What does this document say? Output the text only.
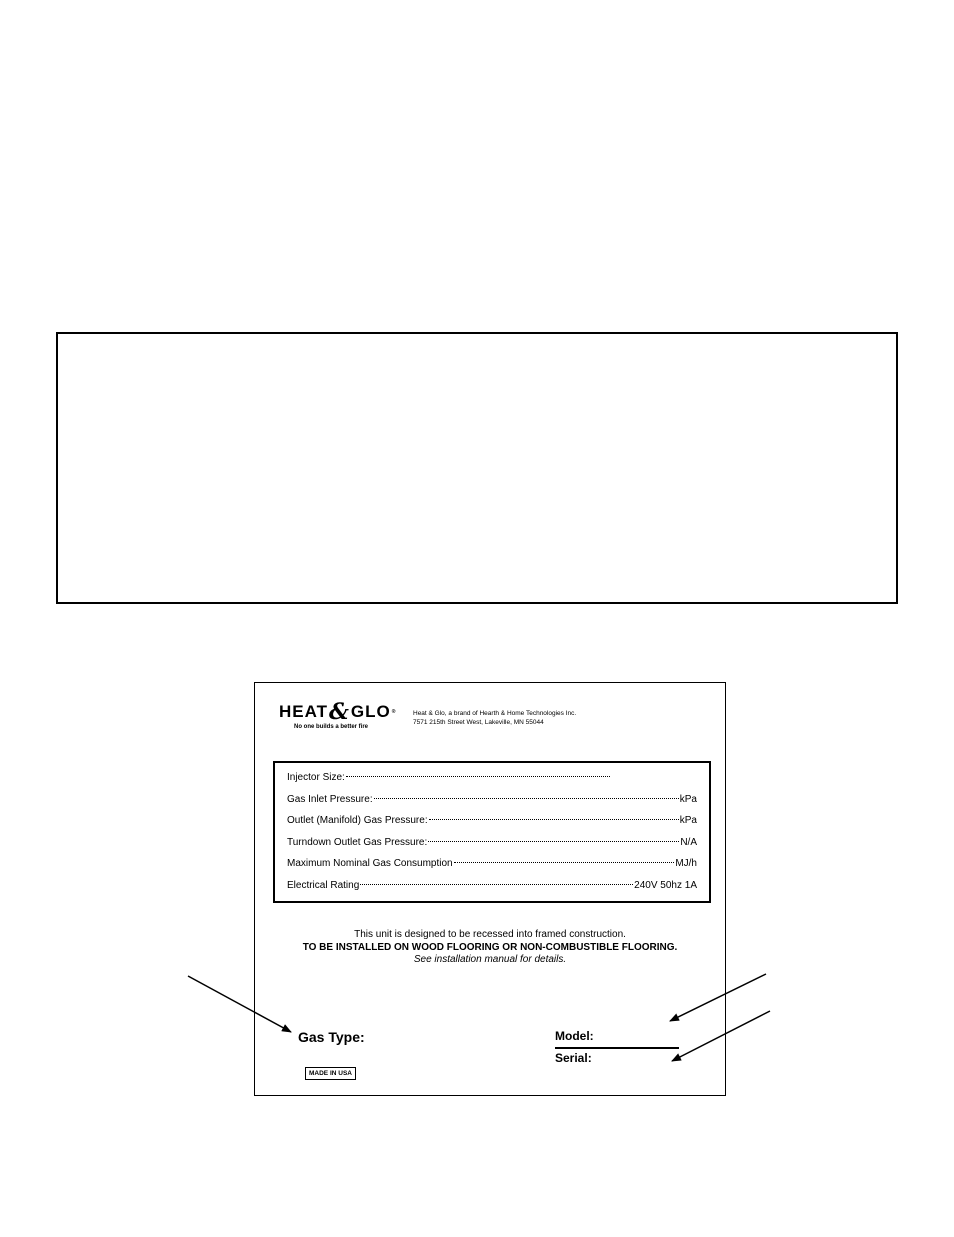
HEAT & GLO ®
No one builds a better fire
Heat & Glo, a brand of Hearth & Home Technologies Inc.
7571 215th Street West, Lakeville, MN 55044
Injector Size:
Gas Inlet Pressure:	kPa
Outlet (Manifold) Gas Pressure:	kPa
Turndown Outlet Gas Pressure:	N/A
Maximum Nominal Gas Consumption	MJ/h
Electrical Rating	240V 50hz 1A
This unit is designed to be recessed into framed construction.
TO BE INSTALLED ON WOOD FLOORING OR NON-COMBUSTIBLE FLOORING.
See installation manual for details.
Gas Type:	Model:
Serial:
MADE IN USA
